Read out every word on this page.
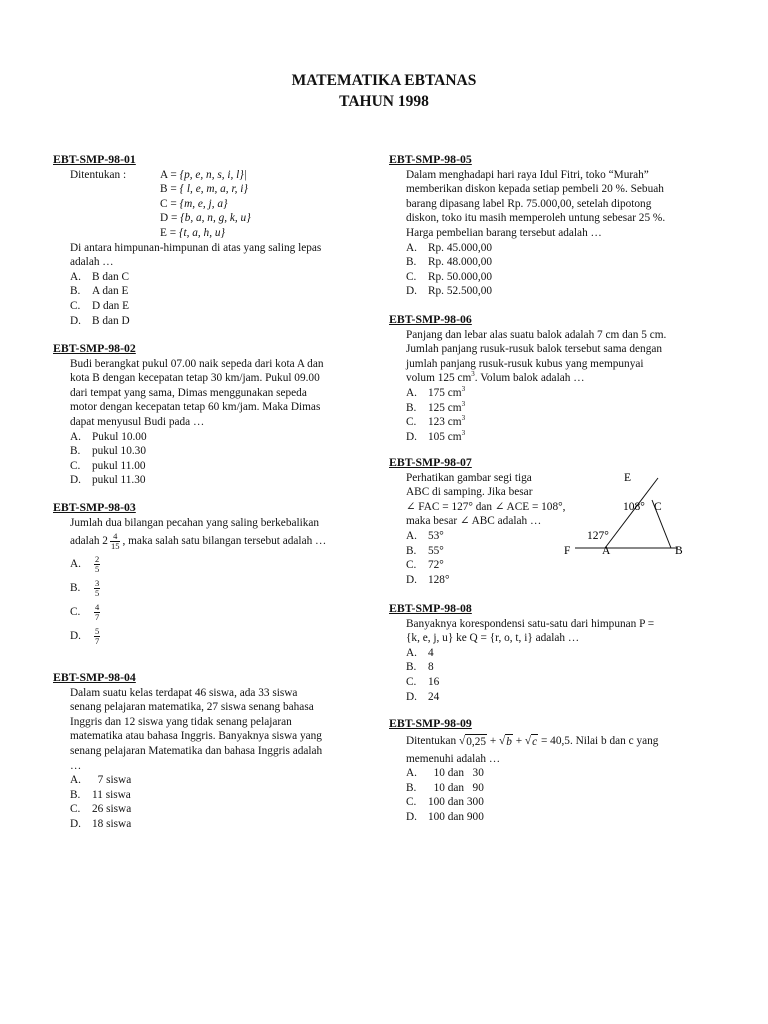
MATEMATIKA EBTANAS
TAHUN 1998
EBT-SMP-98-01
Ditentukan :	A = {p, e, n, s, i, l}|
B = { l, e, m, a, r, i}
C = {m, e, j, a}
D = {b, a, n, g, k, u}
E = {t, a, h, u}
Di antara himpunan-himpunan di atas yang saling lepas
adalah …
A. B dan C
B. A dan E
C. D dan E
D. B dan D
EBT-SMP-98-02
Budi berangkat pukul 07.00 naik sepeda dari kota A dan
kota B dengan kecepatan tetap 30 km/jam. Pukul 09.00
dari tempat yang sama, Dimas menggunakan sepeda
motor dengan kecepatan tetap 60 km/jam. Maka Dimas
dapat menyusul Budi pada …
A. Pukul 10.00
B. pukul 10.30
C. pukul 11.00
D. pukul 11.30
EBT-SMP-98-03
Jumlah dua bilangan pecahan yang saling berkebalikan
adalah $2 \frac{4}{15}$ , maka salah satu bilangan tersebut adalah …
A.	$\frac{2}{5}$
B.	$\frac{3}{5}$
C.	$\frac{4}{7}$
D.	$\frac{5}{7}$
EBT-SMP-98-04
Dalam suatu kelas terdapat 46 siswa, ada 33 siswa
senang pelajaran matematika, 27 siswa senang bahasa
Inggris dan 12 siswa yang tidak senang pelajaran
matematika atau bahasa Inggris. Banyaknya siswa yang
senang pelajaran Matematika dan bahasa Inggris adalah
…
A.  7 siswa
B. 11 siswa
C. 26 siswa
D. 18 siswa
EBT-SMP-98-05
Dalam menghadapi hari raya Idul Fitri, toko “Murah”
memberikan diskon kepada setiap pembeli 20 %. Sebuah
barang dipasang label Rp. 75.000,00, setelah dipotong
diskon, toko itu masih memperoleh untung sebesar 25 %.
Harga pembelian barang tersebut adalah …
A. Rp. 45.000,00
B. Rp. 48.000,00
C. Rp. 50.000,00
D. Rp. 52.500,00
EBT-SMP-98-06
Panjang dan lebar alas suatu balok adalah 7 cm dan 5 cm.
Jumlah panjang rusuk-rusuk balok tersebut sama dengan
jumlah panjang rusuk-rusuk kubus yang mempunyai
volum 125 $cm^3$. Volum balok adalah …
A. 175 $cm^3$
B. 125 $cm^3$
C. 123 $cm^3$
D. 105 $cm^3$
EBT-SMP-98-07
Perhatikan gambar segi tiga
ABC di samping. Jika besar
∠ FAC = 127° dan ∠ ACE = 108°,
maka besar ∠ ABC adalah …
A. 53°
B. 55°
C. 72°
D. 128°
E
108° C
127°
F	A	B
EBT-SMP-98-08
Banyaknya korespondensi satu-satu dari himpunan P =
{k, e, j, u} ke Q = {r, o, t, i} adalah …
A. 4
B. 8
C. 16
D. 24
EBT-SMP-98-09
Ditentukan √ 0,25 + √ b + √ c = 40,5. Nilai b dan c yang
memenuhi adalah …
A.  10 dan   30
B.  10 dan   90
C. 100 dan 300
D. 100 dan 900
